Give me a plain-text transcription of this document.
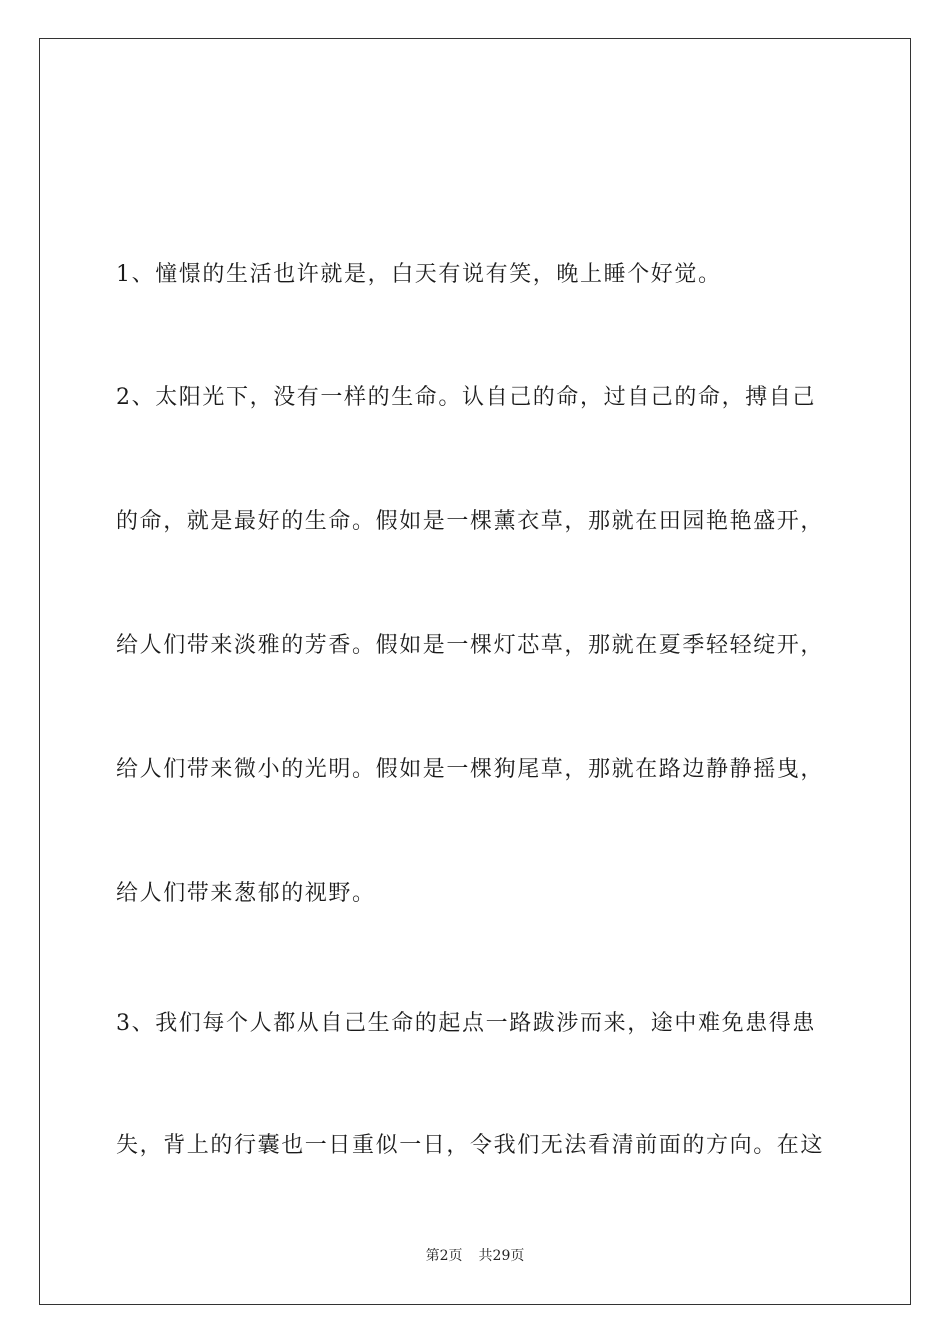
1、憧憬的生活也许就是，白天有说有笑，晚上睡个好觉。
2、太阳光下，没有一样的生命。认自己的命，过自己的命，搏自己
的命，就是最好的生命。假如是一棵薰衣草，那就在田园艳艳盛开，
给人们带来淡雅的芳香。假如是一棵灯芯草，那就在夏季轻轻绽开，
给人们带来微小的光明。假如是一棵狗尾草，那就在路边静静摇曳，
给人们带来葱郁的视野。
3、我们每个人都从自己生命的起点一路跋涉而来，途中难免患得患
失，背上的行囊也一日重似一日，令我们无法看清前面的方向。在这
第2页 共29页
